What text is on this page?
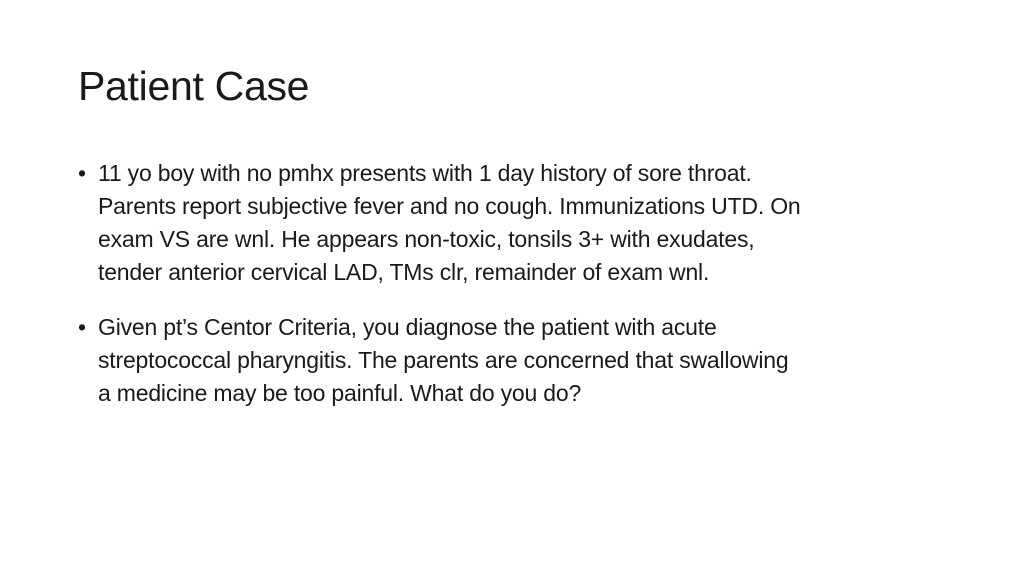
Patient Case
• 11 yo boy with no pmhx presents with 1 day history of sore throat.
Parents report subjective fever and no cough. Immunizations UTD. On
exam VS are wnl. He appears non-toxic, tonsils 3+ with exudates,
tender anterior cervical LAD, TMs clr, remainder of exam wnl.
• Given pt’s Centor Criteria, you diagnose the patient with acute
streptococcal pharyngitis. The parents are concerned that swallowing
a medicine may be too painful. What do you do?
